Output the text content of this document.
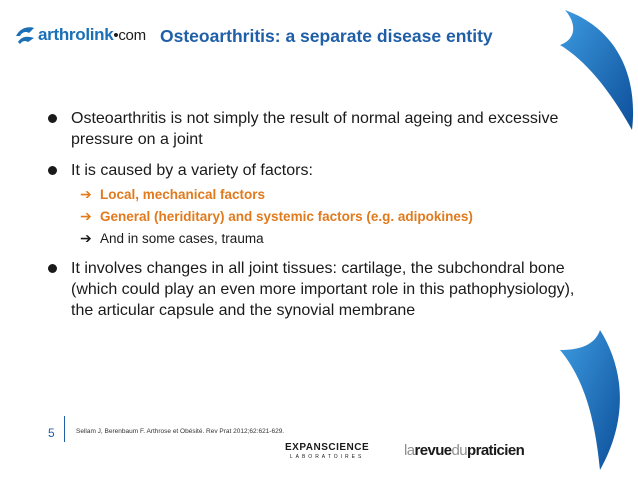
arthrolink•com Osteoarthritis: a separate disease entity
Osteoarthritis is not simply the result of normal ageing and excessive pressure on a joint
It is caused by a variety of factors:
➔ Local, mechanical factors
➔ General (heriditary) and systemic factors (e.g. adipokines)
➔ And in some cases, trauma
It involves changes in all joint tissues: cartilage, the subchondral bone (which could play an even more important role in this pathophysiology), the articular capsule and the synovial membrane
5	Sellam J, Berenbaum F. Arthrose et Obésité. Rev Prat 2012;62:621-629.
EXPANSCIENCE
LABORATOIRES	larevuedupraticien
